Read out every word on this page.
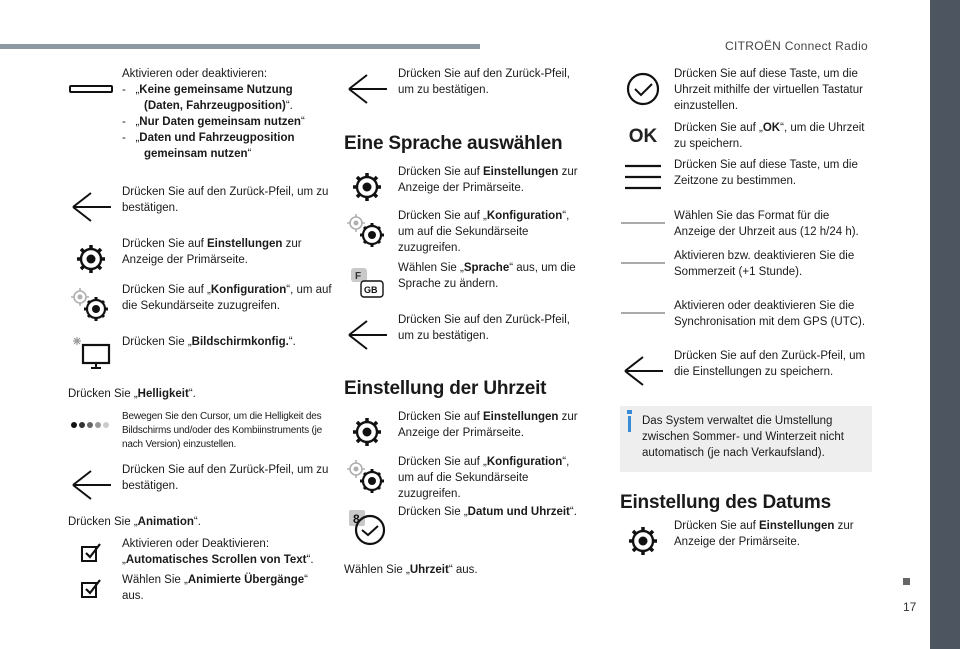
CITROËN Connect Radio
17
Aktivieren oder deaktivieren:
- „Keine gemeinsame Nutzung (Daten, Fahrzeugposition)“.
- „Nur Daten gemeinsam nutzen“
- „Daten und Fahrzeugposition gemeinsam nutzen“
Drücken Sie auf den Zurück-Pfeil, um zu bestätigen.
Drücken Sie auf Einstellungen zur Anzeige der Primärseite.
Drücken Sie auf „Konfiguration“, um auf die Sekundärseite zuzugreifen.
Drücken Sie „Bildschirmkonfig.“.
Drücken Sie „Helligkeit“.
Bewegen Sie den Cursor, um die Helligkeit des Bildschirms und/oder des Kombiinstruments (je nach Version) einzustellen.
Drücken Sie auf den Zurück-Pfeil, um zu bestätigen.
Drücken Sie „Animation“.
Aktivieren oder Deaktivieren:
„Automatisches Scrollen von Text“.
Wählen Sie „Animierte Übergänge“ aus.
Drücken Sie auf den Zurück-Pfeil, um zu bestätigen.
Eine Sprache auswählen
Drücken Sie auf Einstellungen zur Anzeige der Primärseite.
Drücken Sie auf „Konfiguration“, um auf die Sekundärseite zuzugreifen.
F
GB
Wählen Sie „Sprache“ aus, um die Sprache zu ändern.
Drücken Sie auf den Zurück-Pfeil, um zu bestätigen.
Einstellung der Uhrzeit
Drücken Sie auf Einstellungen zur Anzeige der Primärseite.
Drücken Sie auf „Konfiguration“, um auf die Sekundärseite zuzugreifen.
8	Drücken Sie „Datum und Uhrzeit“.
Wählen Sie „Uhrzeit“ aus.
Drücken Sie auf diese Taste, um die Uhrzeit mithilfe der virtuellen Tastatur einzustellen.
OK Drücken Sie auf „OK“, um die Uhrzeit zu speichern.
Drücken Sie auf diese Taste, um die Zeitzone zu bestimmen.
Wählen Sie das Format für die Anzeige der Uhrzeit aus (12 h/24 h).
Aktivieren bzw. deaktivieren Sie die Sommerzeit (+1 Stunde).
Aktivieren oder deaktivieren Sie die Synchronisation mit dem GPS (UTC).
Drücken Sie auf den Zurück-Pfeil, um die Einstellungen zu speichern.
Das System verwaltet die Umstellung zwischen Sommer- und Winterzeit nicht automatisch (je nach Verkaufsland).
Einstellung des Datums
Drücken Sie auf Einstellungen zur Anzeige der Primärseite.
